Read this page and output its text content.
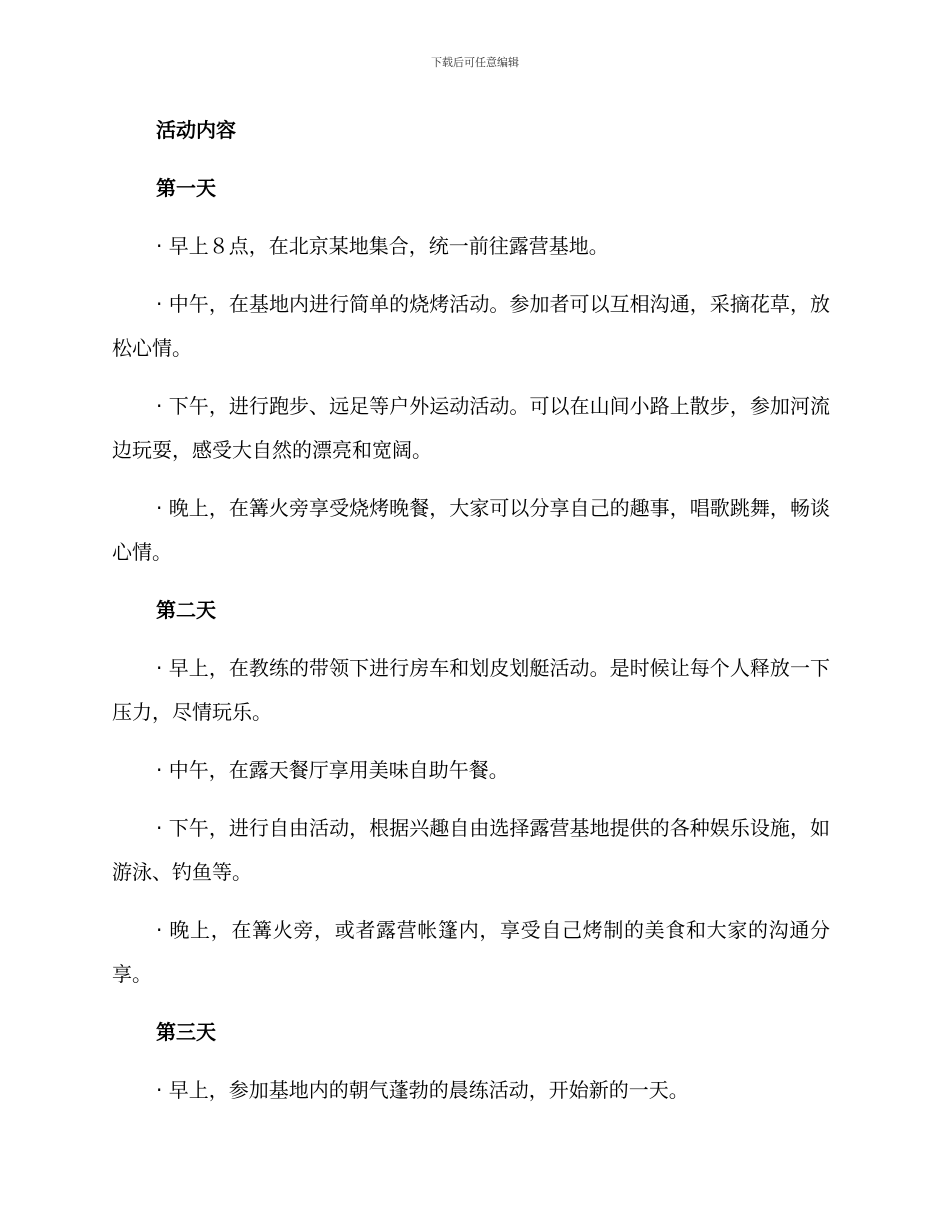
下载后可任意编辑
活动内容
第一天

· 早上８点，在北京某地集合，统一前往露营基地。

· 中午，在基地内进行简单的烧烤活动。参加者可以互相沟通，采摘花草，放松心情。

· 下午，进行跑步、远足等户外运动活动。可以在山间小路上散步，参加河流边玩耍，感受大自然的漂亮和宽阔。

· 晚上，在篝火旁享受烧烤晚餐，大家可以分享自己的趣事，唱歌跳舞，畅谈心情。

第二天

· 早上，在教练的带领下进行房车和划皮划艇活动。是时候让每个人释放一下压力，尽情玩乐。

· 中午，在露天餐厅享用美味自助午餐。

· 下午，进行自由活动，根据兴趣自由选择露营基地提供的各种娱乐设施，如游泳、钓鱼等。

· 晚上，在篝火旁，或者露营帐篷内，享受自己烤制的美食和大家的沟通分享。

第三天

· 早上，参加基地内的朝气蓬勃的晨练活动，开始新的一天。
